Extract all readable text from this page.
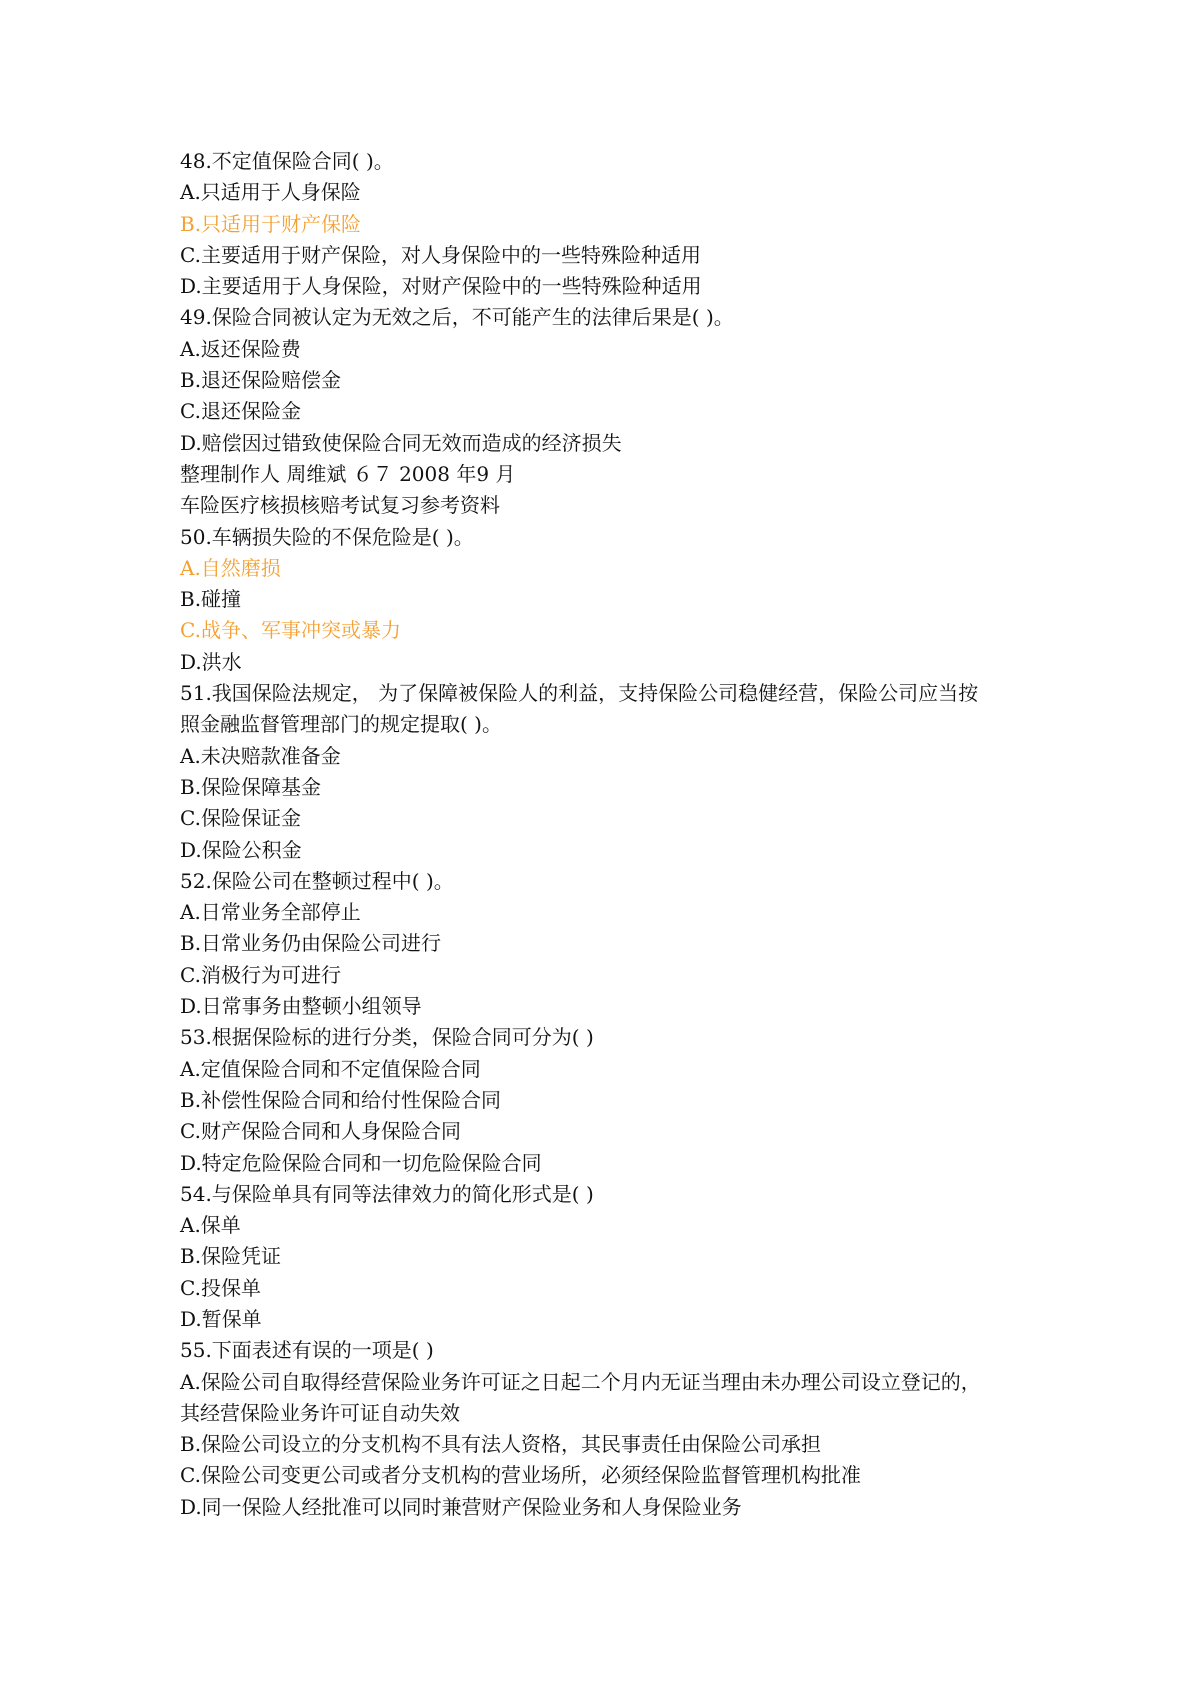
48.不定值保险合同( )。

A.只适用于人身保险

B.只适用于财产保险

C.主要适用于财产保险，对人身保险中的一些特殊险种适用

D.主要适用于人身保险，对财产保险中的一些特殊险种适用

49.保险合同被认定为无效之后，不可能产生的法律后果是( )。

A.返还保险费

B.退还保险赔偿金

C.退还保险金

D.赔偿因过错致使保险合同无效而造成的经济损失

整理制作人 周维斌 ６７ 2008 年9 月

车险医疗核损核赔考试复习参考资料

50.车辆损失险的不保危险是( )。

A.自然磨损

B.碰撞

C.战争、军事冲突或暴力

D.洪水

51.我国保险法规定， 为了保障被保险人的利益，支持保险公司稳健经营，保险公司应当按

照金融监督管理部门的规定提取( )。

A.未决赔款准备金

B.保险保障基金

C.保险保证金

D.保险公积金

52.保险公司在整顿过程中( )。

A.日常业务全部停止

B.日常业务仍由保险公司进行

C.消极行为可进行

D.日常事务由整顿小组领导

53.根据保险标的进行分类，保险合同可分为( )

A.定值保险合同和不定值保险合同

B.补偿性保险合同和给付性保险合同

C.财产保险合同和人身保险合同

D.特定危险保险合同和一切危险保险合同

54.与保险单具有同等法律效力的简化形式是( )

A.保单

B.保险凭证

C.投保单

D.暂保单

55.下面表述有误的一项是( )

A.保险公司自取得经营保险业务许可证之日起二个月内无证当理由未办理公司设立登记的，

其经营保险业务许可证自动失效

B.保险公司设立的分支机构不具有法人资格，其民事责任由保险公司承担

C.保险公司变更公司或者分支机构的营业场所，必须经保险监督管理机构批准

D.同一保险人经批准可以同时兼营财产保险业务和人身保险业务
